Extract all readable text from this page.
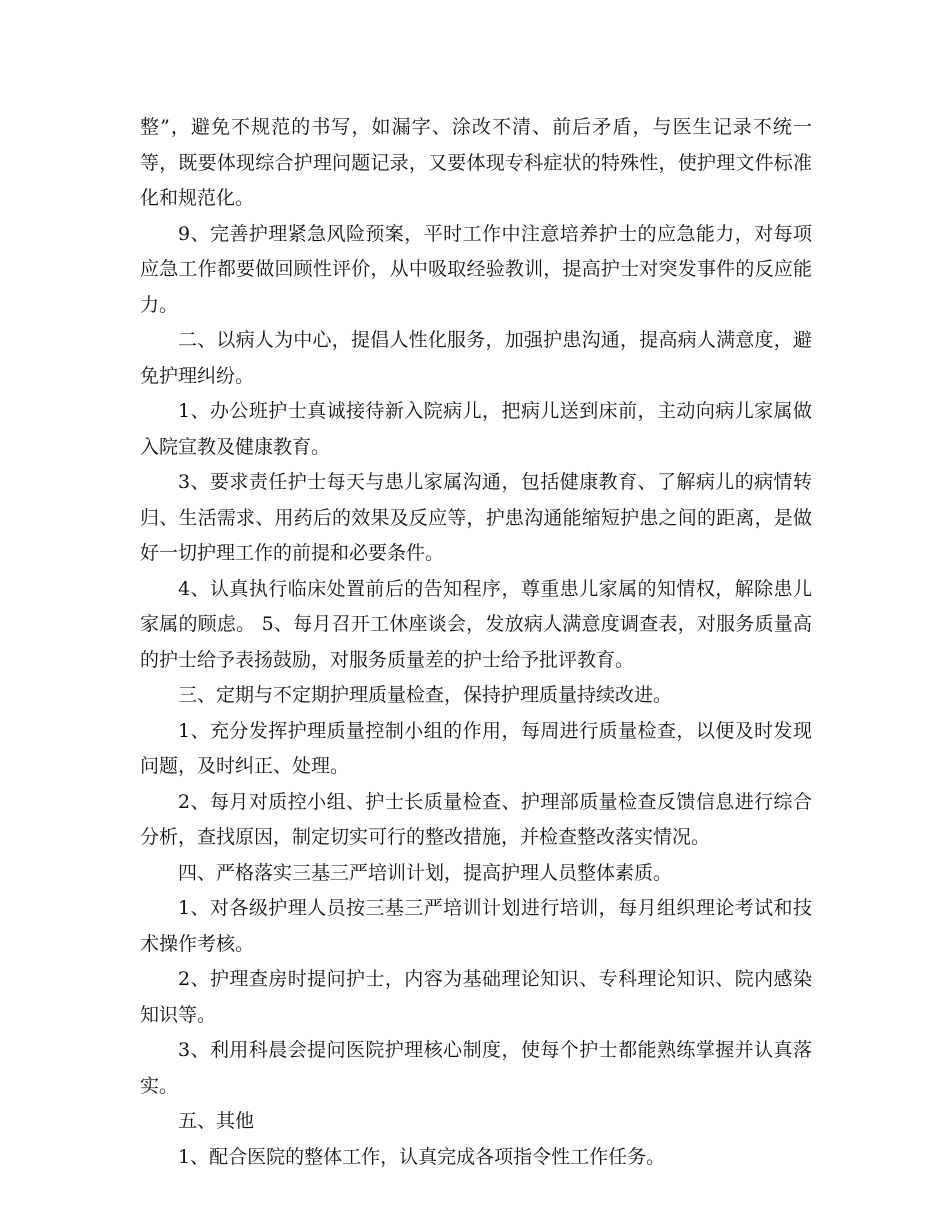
整”，避免不规范的书写，如漏字、涂改不清、前后矛盾，与医生记录不统一等，既要体现综合护理问题记录，又要体现专科症状的特殊性，使护理文件标准化和规范化。

9、完善护理紧急风险预案，平时工作中注意培养护士的应急能力，对每项应急工作都要做回顾性评价，从中吸取经验教训，提高护士对突发事件的反应能力。

二、以病人为中心，提倡人性化服务，加强护患沟通，提高病人满意度，避免护理纠纷。

1、办公班护士真诚接待新入院病儿，把病儿送到床前，主动向病儿家属做入院宣教及健康教育。

3、要求责任护士每天与患儿家属沟通，包括健康教育、了解病儿的病情转归、生活需求、用药后的效果及反应等，护患沟通能缩短护患之间的距离，是做好一切护理工作的前提和必要条件。

4、认真执行临床处置前后的告知程序，尊重患儿家属的知情权，解除患儿家属的顾虑。 5、每月召开工休座谈会，发放病人满意度调查表，对服务质量高的护士给予表扬鼓励，对服务质量差的护士给予批评教育。

三、定期与不定期护理质量检查，保持护理质量持续改进。

1、充分发挥护理质量控制小组的作用，每周进行质量检查，以便及时发现问题，及时纠正、处理。

2、每月对质控小组、护士长质量检查、护理部质量检查反馈信息进行综合分析，查找原因，制定切实可行的整改措施，并检查整改落实情况。

四、严格落实三基三严培训计划，提高护理人员整体素质。

1、对各级护理人员按三基三严培训计划进行培训，每月组织理论考试和技术操作考核。

2、护理查房时提问护士，内容为基础理论知识、专科理论知识、院内感染知识等。

3、利用科晨会提问医院护理核心制度，使每个护士都能熟练掌握并认真落实。

五、其他

1、配合医院的整体工作，认真完成各项指令性工作任务。
